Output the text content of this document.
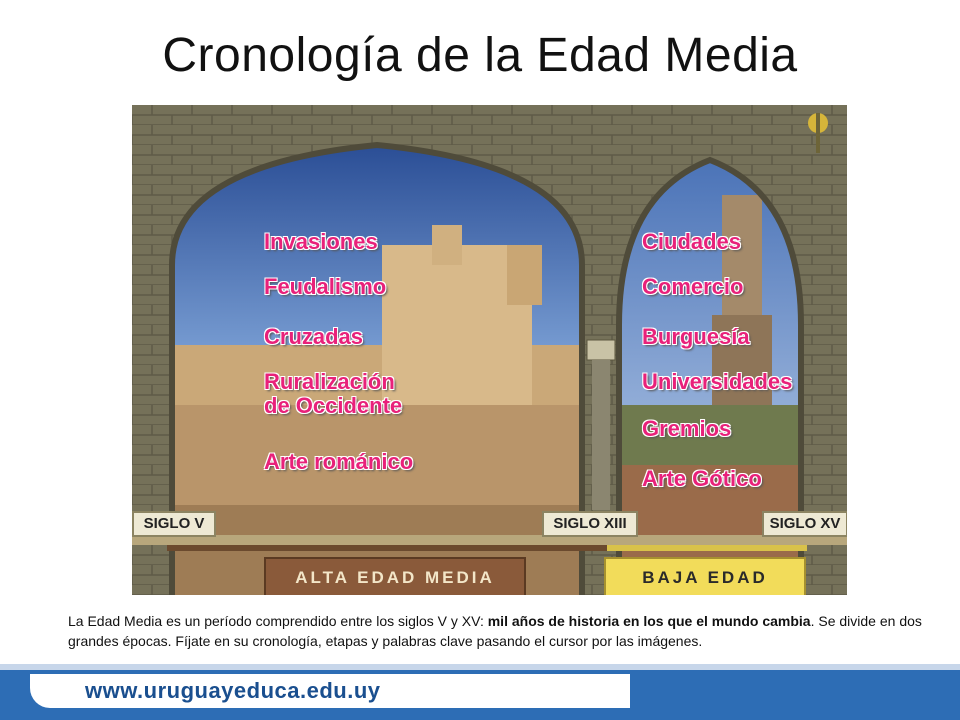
Cronología de la Edad Media
Invasiones
Feudalismo
Cruzadas
Ruralización
de Occidente
Arte románico
Ciudades
Comercio
Burguesía
Universidades
Gremios
Arte Gótico
SIGLO V	SIGLO XIII	SIGLO XV
ALTA EDAD MEDIA	BAJA EDAD
La Edad Media es un período comprendido entre los siglos V y XV: mil años de historia en los que el mundo cambia. Se divide en dos grandes épocas. Fíjate en su cronología, etapas y palabras clave pasando el cursor por las imágenes.
www.uruguayeduca.edu.uy
